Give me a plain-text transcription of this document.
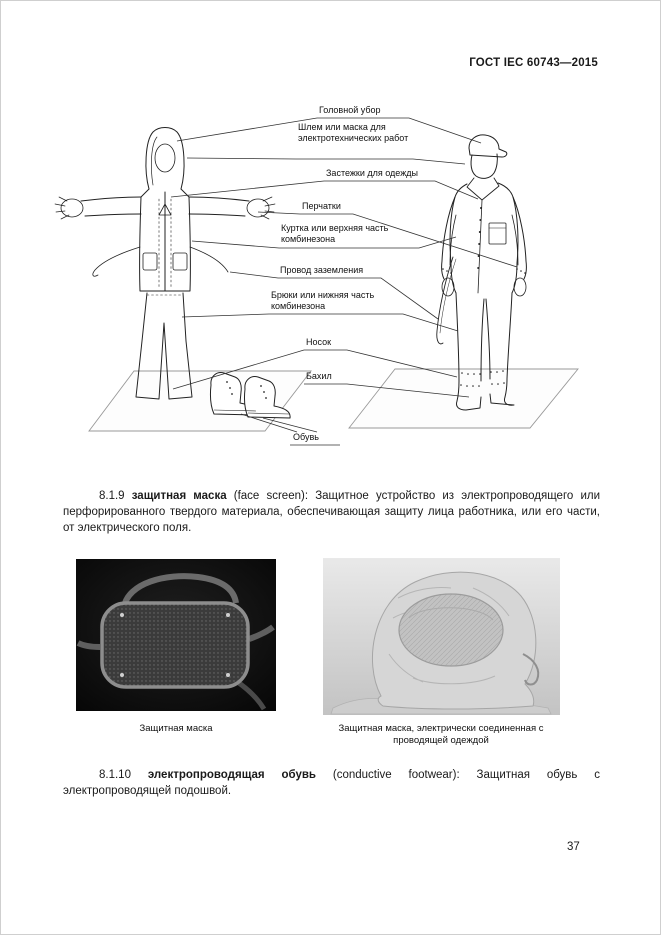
ГОСТ IEC 60743—2015
Головной убор
Шлем или маска для электротехнических работ
Застежки для одежды
Перчатки
Куртка или верхняя часть комбинезона
Провод заземления
Брюки или нижняя часть комбинезона
Носок
Бахил
Обувь

8.1.9 защитная маска (face screen): Защитное устройство из электропроводящего или перфорированного твердого материала, обеспечивающая защиту лица работника, или его части, от электрического поля.

Защитная маска	Защитная маска, электрически соединенная с проводящей одеждой

8.1.10 электропроводящая обувь (conductive footwear): Защитная обувь с электропроводящей подошвой.

37
